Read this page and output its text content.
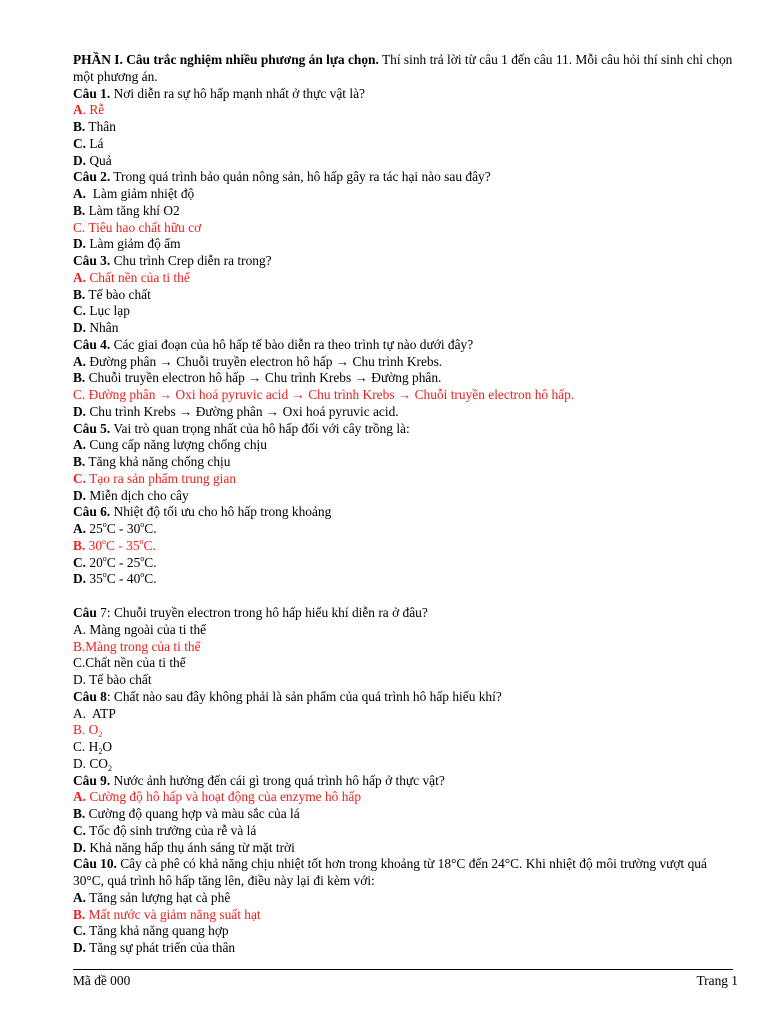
PHẦN I. Câu trắc nghiệm nhiều phương án lựa chọn. Thí sinh trả lời từ câu 1 đến câu 11. Mỗi câu hỏi thí sinh chỉ chọn một phương án.
Câu 1. Nơi diễn ra sự hô hấp mạnh nhất ở thực vật là?
A. Rễ
B. Thân
C. Lá
D. Quả
Câu 2. Trong quá trình bảo quản nông sản, hô hấp gây ra tác hại nào sau đây?
A.  Làm giảm nhiệt độ
B. Làm tăng khí O2
C. Tiêu hao chất hữu cơ
D. Làm giảm độ ẩm
Câu 3. Chu trình Crep diễn ra trong?
A. Chất nền của ti thể
B. Tế bào chất
C. Lục lạp
D. Nhân
Câu 4. Các giai đoạn của hô hấp tế bào diễn ra theo trình tự nào dưới đây?
A. Đường phân → Chuỗi truyền electron hô hấp → Chu trình Krebs.
B. Chuỗi truyền electron hô hấp → Chu trình Krebs → Đường phân.
C. Đường phân → Oxi hoá pyruvic acid → Chu trình Krebs → Chuỗi truyền electron hô hấp.
D. Chu trình Krebs → Đường phân → Oxi hoá pyruvic acid.
Câu 5. Vai trò quan trọng nhất của hô hấp đối với cây trồng là:
A. Cung cấp năng lượng chống chịu
B. Tăng khả năng chống chịu
C. Tạo ra sản phẩm trung gian
D. Miễn dịch cho cây
Câu 6. Nhiệt độ tối ưu cho hô hấp trong khoảng
A. 25$^o$C - 30$^o$C.
B. 30$^o$C - 35$^o$C.
C. 20$^o$C - 25$^o$C.
D. 35$^o$C - 40$^o$C.
Câu 7: Chuỗi truyền electron trong hô hấp hiếu khí diễn ra ở đâu?
A. Màng ngoài của ti thể
B.Màng trong của ti thể
C.Chất nền của ti thể
D. Tế bào chất
Câu 8: Chất nào sau đây không phải là sản phẩm của quá trình hô hấp hiếu khí?
A.  ATP
B. $O_2$
C. $H_2O$
D. $CO_2$
Câu 9. Nước ảnh hưởng đến cái gì trong quá trình hô hấp ở thực vật?
A. Cường độ hô hấp và hoạt động của enzyme hô hấp
B. Cường độ quang hợp và màu sắc của lá
C. Tốc độ sinh trưởng của rễ và lá
D. Khả năng hấp thụ ánh sáng từ mặt trời
Câu 10. Cây cà phê có khả năng chịu nhiệt tốt hơn trong khoảng từ 18°C đến 24°C. Khi nhiệt độ môi trường vượt quá 30°C, quá trình hô hấp tăng lên, điều này lại đi kèm với:
A. Tăng sản lượng hạt cà phê
B. Mất nước và giảm năng suất hạt
C. Tăng khả năng quang hợp
D. Tăng sự phát triển của thân
Mã đề 000	Trang 1
